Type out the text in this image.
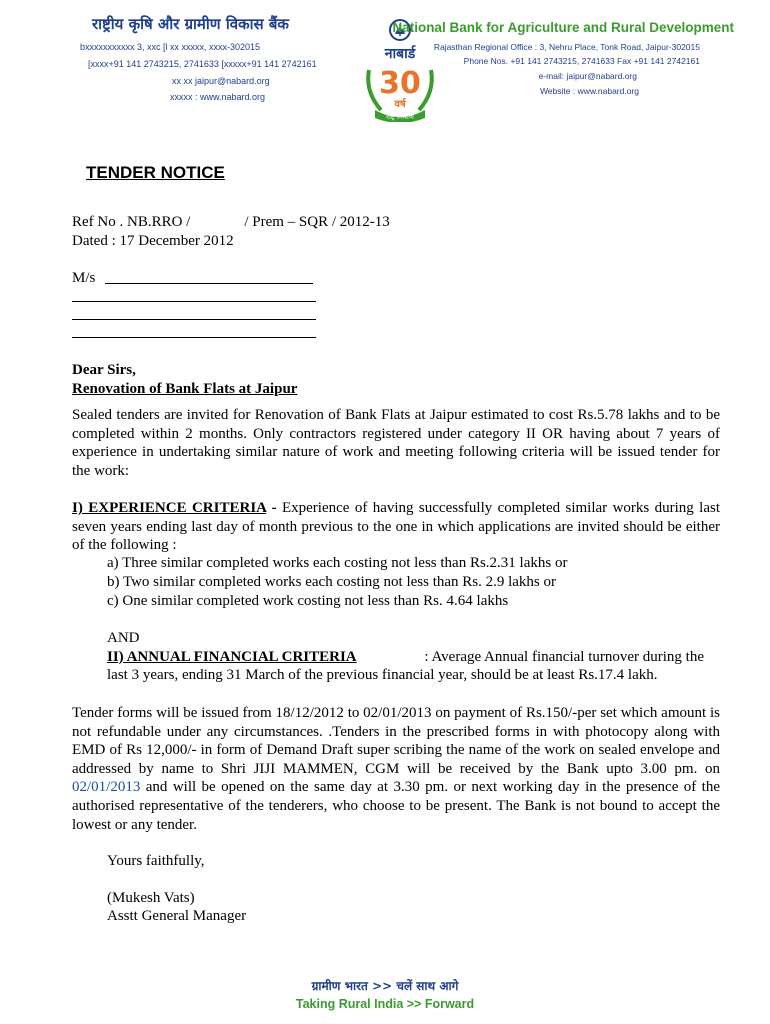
राष्ट्रीय कृषि और ग्रामीण विकास बैंक
bxxxxxxxxxxx 3, xxc [l xx xxxxx, xxxx-302015
[xxxx+91 141 2743215, 2741633 [xxxxx+91 141 2742161
xx xx jaipur@nabard.org
xxxxx : www.nabard.org
नाबार्ड
30
वर्ष
राष्ट्र निर्माण
National Bank for Agriculture and Rural Development
Rajasthan Regional Office : 3, Nehru Place, Tonk Road, Jaipur-302015
Phone Nos. +91 141 2743215, 2741633 Fax +91 141 2742161
e-mail: jaipur@nabard.org
Website : www.nabard.org
TENDER NOTICE
Ref No . NB.RRO /	/ Prem – SQR / 2012-13
Dated : 17 December 2012
M/s
Dear Sirs,
Renovation of Bank Flats at Jaipur
Sealed tenders are invited for Renovation of Bank Flats at Jaipur estimated to cost Rs.5.78 lakhs and to be completed within 2 months. Only contractors registered under category II OR having about 7 years of experience in undertaking similar nature of work and meeting following criteria will be issued tender for the work:
I) EXPERIENCE CRITERIA - Experience of having successfully completed similar works during last seven years ending last day of month previous to the one in which applications are invited should be either of the following :
a) Three similar completed works each costing not less than Rs.2.31 lakhs or
b) Two similar completed works each costing not less than Rs. 2.9 lakhs or
c) One similar completed work costing not less than Rs. 4.64 lakhs
AND
II) ANNUAL FINANCIAL CRITERIA	: Average Annual financial turnover during the
last 3 years, ending 31 March of the previous financial year, should be at least Rs.17.4 lakh.
Tender forms will be issued from 18/12/2012 to 02/01/2013 on payment of Rs.150/-per set which amount is not refundable under any circumstances. .Tenders in the prescribed forms in with photocopy along with EMD of Rs 12,000/- in form of Demand Draft super scribing the name of the work on sealed envelope and addressed by name to Shri JIJI MAMMEN, CGM will be received by the Bank upto 3.00 pm. on 02/01/2013 and will be opened on the same day at 3.30 pm. or next working day in the presence of the authorised representative of the tenderers, who choose to be present. The Bank is not bound to accept the lowest or any tender.
Yours faithfully,
(Mukesh Vats)
Asstt General Manager
ग्रामीण भारत >> चलें साथ आगे
Taking Rural India >> Forward
